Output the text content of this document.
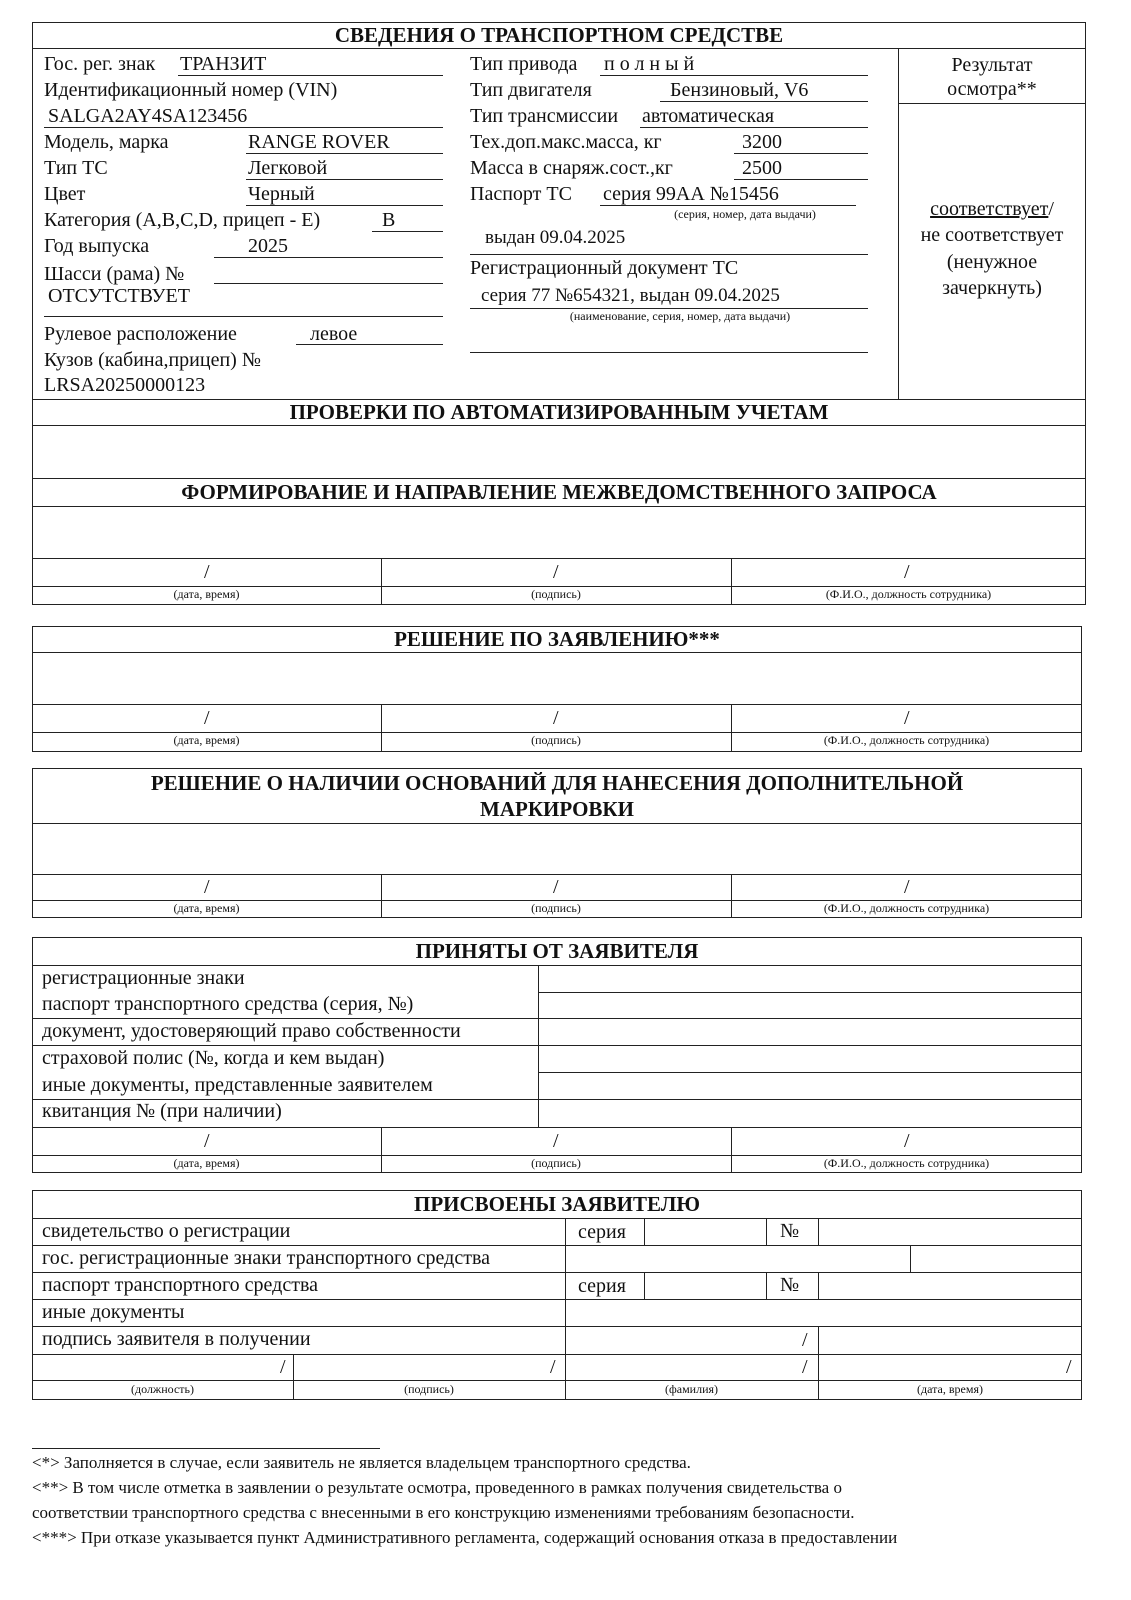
СВЕДЕНИЯ О ТРАНСПОРТНОМ СРЕДСТВЕ
Гос. рег. знак ТРАНЗИТ
Идентификационный номер (VIN)
SALGA2AY4SA123456
Модель, марка	RANGE ROVER
Тип ТС	Легковой
Цвет	Черный
Категория (A,B,C,D, прицеп - E)	B
Год выпуска	2025
Шасси (рама) №
ОТСУТСТВУЕТ
Рулевое расположение	левое
Кузов (кабина,прицеп) №
LRSA20250000123
Тип привода полный
Тип двигателя	Бензиновый, V6
Тип трансмиссии автоматическая
Тех.доп.макс.масса, кг	3200
Масса в снаряж.сост.,кг	2500
Паспорт ТС серия 99АА №15456
(серия, номер, дата выдачи)
выдан 09.04.2025
Регистрационный документ ТС
серия 77 №654321, выдан 09.04.2025
(наименование, серия, номер, дата выдачи)
Результат осмотра**
соответствует/
не соответствует
(ненужное зачеркнуть)
ПРОВЕРКИ ПО АВТОМАТИЗИРОВАННЫМ УЧЕТАМ
ФОРМИРОВАНИЕ И НАПРАВЛЕНИЕ МЕЖВЕДОМСТВЕННОГО ЗАПРОСА
/	/	/
(дата, время)	(подпись)	(Ф.И.О., должность сотрудника)
РЕШЕНИЕ ПО ЗАЯВЛЕНИЮ***
/	/	/
(дата, время)	(подпись)	(Ф.И.О., должность сотрудника)
РЕШЕНИЕ О НАЛИЧИИ ОСНОВАНИЙ ДЛЯ НАНЕСЕНИЯ ДОПОЛНИТЕЛЬНОЙ
МАРКИРОВКИ
/	/	/
(дата, время)	(подпись)	(Ф.И.О., должность сотрудника)
ПРИНЯТЫ ОТ ЗАЯВИТЕЛЯ
регистрационные знаки
паспорт транспортного средства (серия, №)
документ, удостоверяющий право собственности
страховой полис (№, когда и кем выдан)
иные документы, представленные заявителем
квитанция № (при наличии)
/	/	/
(дата, время)	(подпись)	(Ф.И.О., должность сотрудника)
ПРИСВОЕНЫ ЗАЯВИТЕЛЮ
свидетельство о регистрации	серия	№
гос. регистрационные знаки транспортного средства
паспорт транспортного средства	серия	№
иные документы
подпись заявителя в получении	/
/	/	/	/
(должность)	(подпись)	(фамилия)	(дата, время)
<*> Заполняется в случае, если заявитель не является владельцем транспортного средства.
<**> В том числе отметка в заявлении о результате осмотра, проведенного в рамках получения свидетельства о
соответствии транспортного средства с внесенными в его конструкцию изменениями требованиям безопасности.
<***> При отказе указывается пункт Административного регламента, содержащий основания отказа в предоставлении
